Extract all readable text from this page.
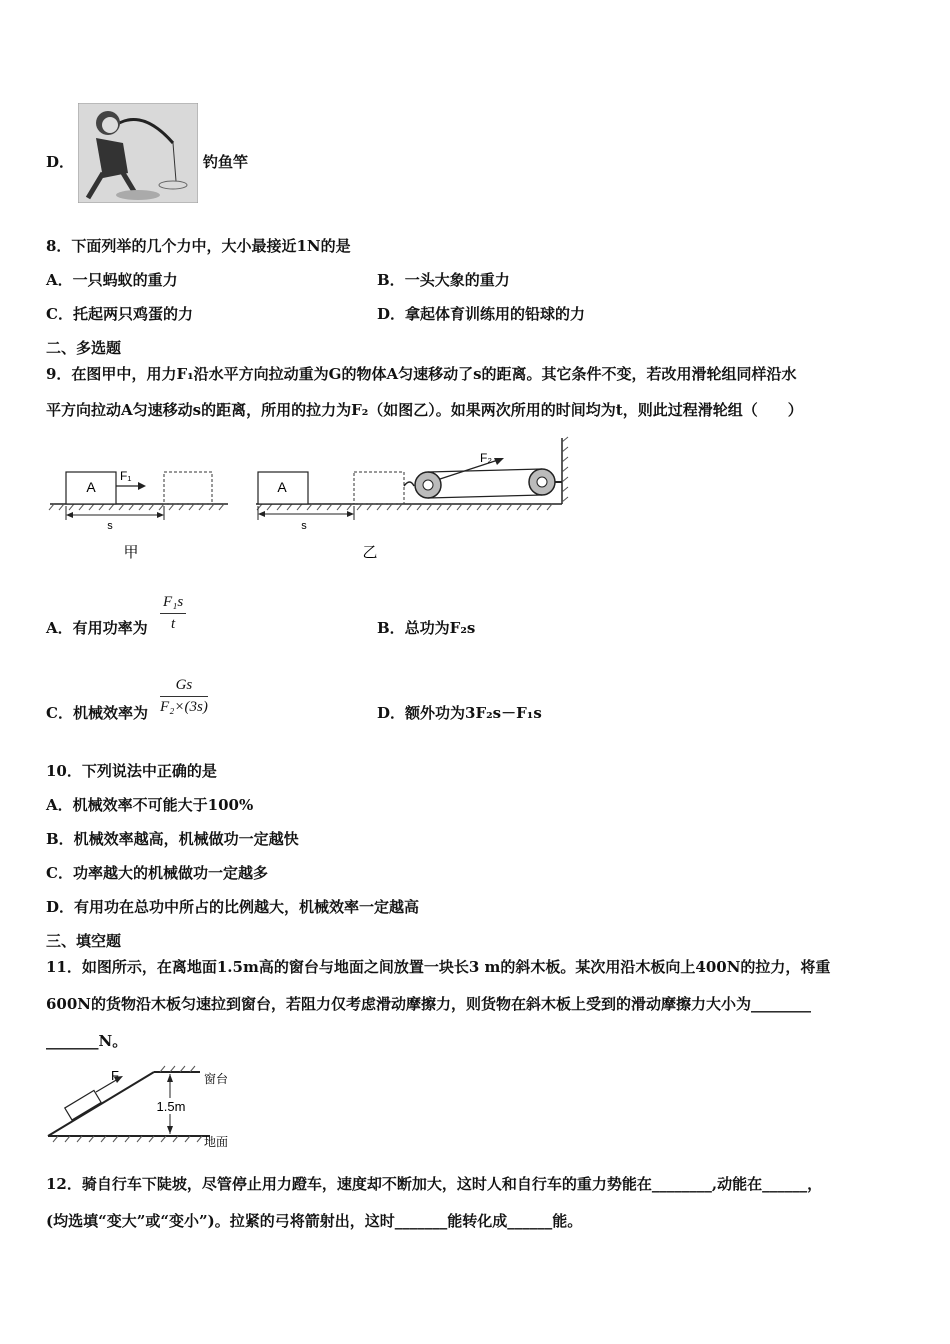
D．	钓鱼竿
8．下面列举的几个力中，大小最接近1N的是
A．一只蚂蚁的重力	B．一头大象的重力
C．托起两只鸡蛋的力	D．拿起体育训练用的铅球的力
二、多选题
9．在图甲中，用力F₁沿水平方向拉动重为G的物体A匀速移动了s的距离。其它条件不变，若改用滑轮组同样沿水
平方向拉动A匀速移动s的距离，所用的拉力为F₂（如图乙）。如果两次所用的时间均为t，则此过程滑轮组（　　）
A
F₁
s
甲
A
F₂
s
乙
A．有用功率为 $\frac{\text{F₁s}}{t}$	B．总功为F₂s
C．机械效率为 $\frac{Gs}{\text{F₂×(3s)}}$	D．额外功为3F₂s－F₁s
10．下列说法中正确的是
A．机械效率不可能大于100%
B．机械效率越高，机械做功一定越快
C．功率越大的机械做功一定越多
D．有用功在总功中所占的比例越大，机械效率一定越高
三、填空题
11．如图所示，在离地面1.5m高的窗台与地面之间放置一块长3 m的斜木板。某次用沿木板向上400N的拉力，将重
600N的货物沿木板匀速拉到窗台，若阻力仅考虑滑动摩擦力，则货物在斜木板上受到的滑动摩擦力大小为________
_______N。
F
1.5m
窗台
地面
12．骑自行车下陡坡，尽管停止用力蹬车，速度却不断加大，这时人和自行车的重力势能在________,动能在______，
(均选填“变大”或“变小”)。拉紧的弓将箭射出，这时_______能转化成______能。
